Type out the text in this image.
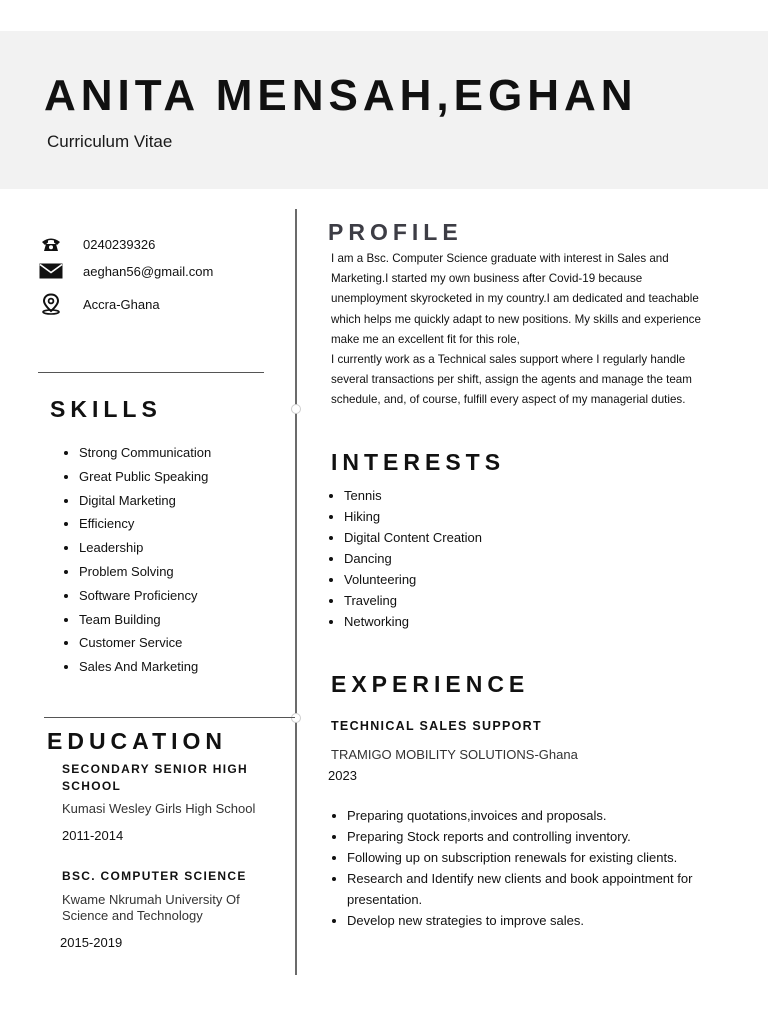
ANITA MENSAH,EGHAN
Curriculum Vitae
0240239326
aeghan56@gmail.com
Accra-Ghana
SKILLS
• Strong Communication
• Great Public Speaking
• Digital Marketing
• Efficiency
• Leadership
• Problem Solving
• Software Proficiency
• Team Building
• Customer Service
• Sales And Marketing
EDUCATION
SECONDARY SENIOR HIGH SCHOOL
Kumasi Wesley Girls High School
2011-2014
BSC. COMPUTER SCIENCE
Kwame Nkrumah University Of Science and Technology
2015-2019
PROFILE

I am a Bsc. Computer Science graduate with interest in Sales and Marketing.I started my own business after Covid-19 because unemployment skyrocketed in my country.I am dedicated and teachable which helps me quickly adapt to new positions. My skills and experience make me an excellent fit for this role,

I currently work as a Technical sales support where I regularly handle several transactions per shift, assign the agents and manage the team schedule, and, of course, fulfill every aspect of my managerial duties.

INTERESTS
• Tennis
• Hiking
• Digital Content Creation
• Dancing
• Volunteering
• Traveling
• Networking
EXPERIENCE
TECHNICAL SALES SUPPORT
TRAMIGO MOBILITY SOLUTIONS-Ghana
2023
• Preparing quotations,invoices and proposals.
• Preparing Stock reports and controlling inventory.
• Following up on subscription renewals for existing clients.
• Research and Identify new clients and book appointment for presentation.
• Develop new strategies to improve sales.
